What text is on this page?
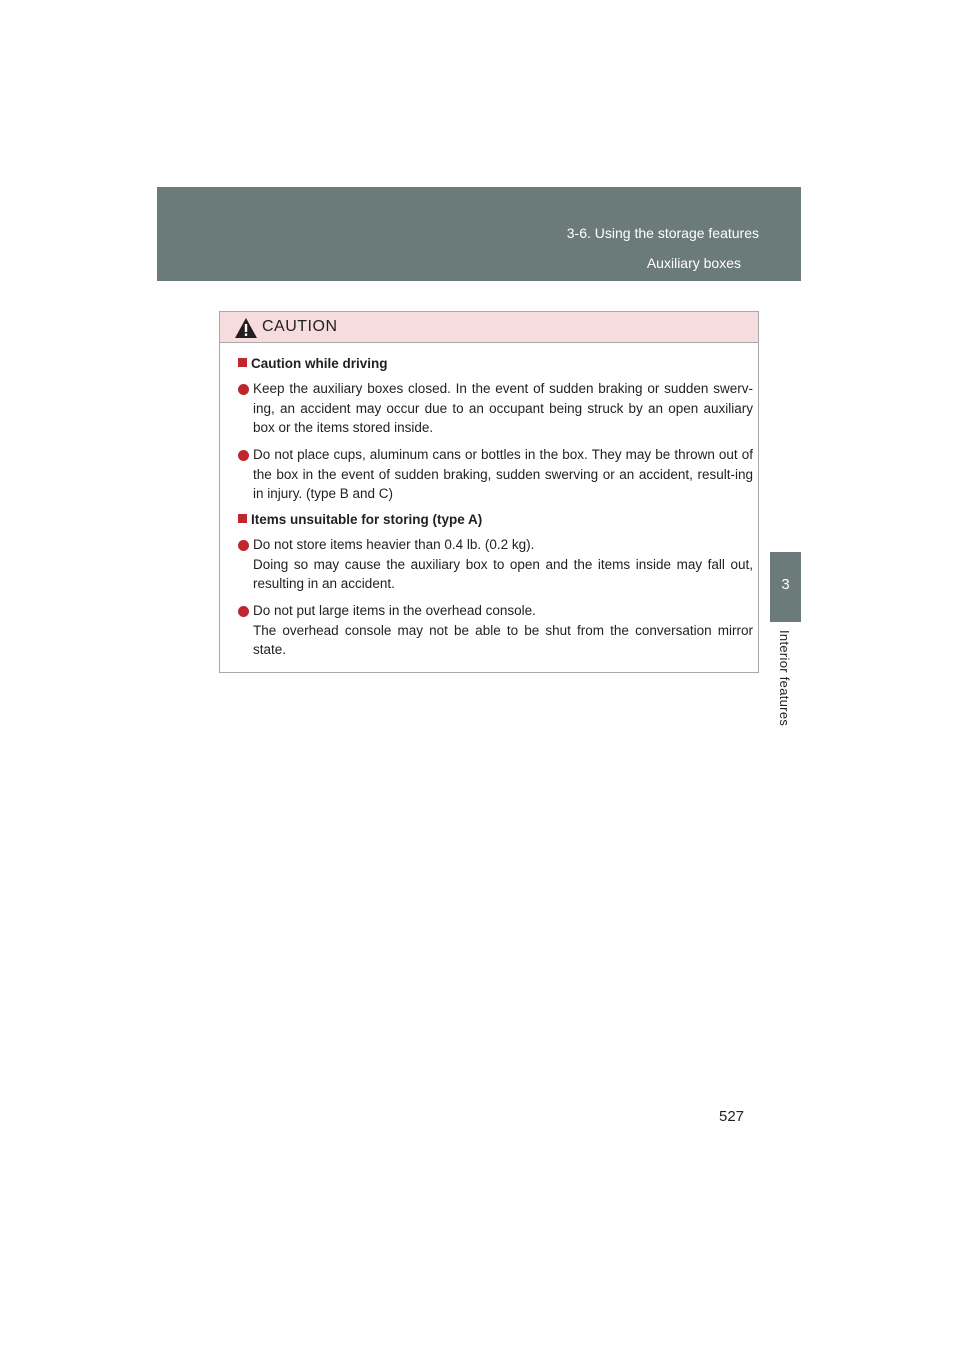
3-6. Using the storage features
Auxiliary boxes
3
Interior features
CAUTION
Caution while driving
Keep the auxiliary boxes closed. In the event of sudden braking or sudden swerv-ing, an accident may occur due to an occupant being struck by an open auxiliary box or the items stored inside.
Do not place cups, aluminum cans or bottles in the box. They may be thrown out of the box in the event of sudden braking, sudden swerving or an accident, result-ing in injury. (type B and C)
Items unsuitable for storing (type A)
Do not store items heavier than 0.4 lb. (0.2 kg).
Doing so may cause the auxiliary box to open and the items inside may fall out, resulting in an accident.
Do not put large items in the overhead console.
The overhead console may not be able to be shut from the conversation mirror state.
527
